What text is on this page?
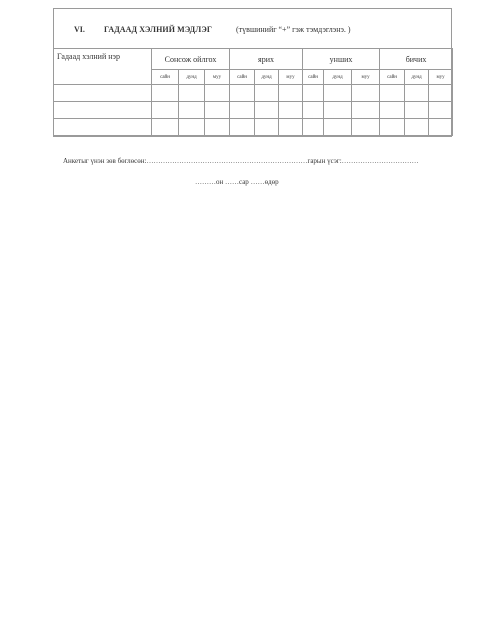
VI. ГАДААД ХЭЛНИЙ МЭДЛЭГ	(түвшинийг “+” гэж тэмдэглэнэ. )
Гадаад хэлний нэр	Сонсож ойлгох			ярих			унших			бичих		
	сайн	дунд	муу	сайн	дунд	муу	сайн	дунд	муу	сайн	дунд	муу

Анкетыг үнэн зөв бөглөсөн:……………………………………………………………гарын үсэг:……………………………
………он ……сар ……өдөр
